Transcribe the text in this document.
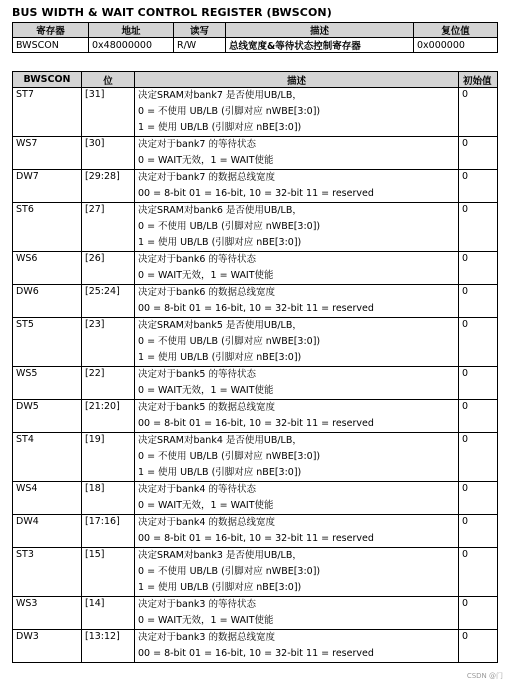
BUS WIDTH & WAIT CONTROL REGISTER (BWSCON)
寄存器	地址	读写	描述	复位值
BWSCON	0x48000000	R/W	总线宽度&等待状态控制寄存器	0x000000
BWSCON	位	描述	初始值
ST7	[31]	决定SRAM对bank7 是否使用UB/LB，
0 = 不使用 UB/LB (引脚对应 nWBE[3:0])
1 = 使用 UB/LB (引脚对应 nBE[3:0])	0
WS7	[30]	决定对于bank7 的等待状态
0 = WAIT无效，1 = WAIT使能	0
DW7	[29:28]	决定对于bank7 的数据总线宽度
00 = 8-bit 01 = 16-bit, 10 = 32-bit 11 = reserved	0
ST6	[27]	决定SRAM对bank6 是否使用UB/LB，
0 = 不使用 UB/LB (引脚对应 nWBE[3:0])
1 = 使用 UB/LB (引脚对应 nBE[3:0])	0
WS6	[26]	决定对于bank6 的等待状态
0 = WAIT无效，1 = WAIT使能	0
DW6	[25:24]	决定对于bank6 的数据总线宽度
00 = 8-bit 01 = 16-bit, 10 = 32-bit 11 = reserved	0
ST5	[23]	决定SRAM对bank5 是否使用UB/LB，
0 = 不使用 UB/LB (引脚对应 nWBE[3:0])
1 = 使用 UB/LB (引脚对应 nBE[3:0])	0
WS5	[22]	决定对于bank5 的等待状态
0 = WAIT无效，1 = WAIT使能	0
DW5	[21:20]	决定对于bank5 的数据总线宽度
00 = 8-bit 01 = 16-bit, 10 = 32-bit 11 = reserved	0
ST4	[19]	决定SRAM对bank4 是否使用UB/LB，
0 = 不使用 UB/LB (引脚对应 nWBE[3:0])
1 = 使用 UB/LB (引脚对应 nBE[3:0])	0
WS4	[18]	决定对于bank4 的等待状态
0 = WAIT无效，1 = WAIT使能	0
DW4	[17:16]	决定对于bank4 的数据总线宽度
00 = 8-bit 01 = 16-bit, 10 = 32-bit 11 = reserved	0
ST3	[15]	决定SRAM对bank3 是否使用UB/LB，
0 = 不使用 UB/LB (引脚对应 nWBE[3:0])
1 = 使用 UB/LB (引脚对应 nBE[3:0])	0
WS3	[14]	决定对于bank3 的等待状态
0 = WAIT无效，1 = WAIT使能	0
DW3	[13:12]	决定对于bank3 的数据总线宽度
00 = 8-bit 01 = 16-bit, 10 = 32-bit 11 = reserved	0
CSDN @门
